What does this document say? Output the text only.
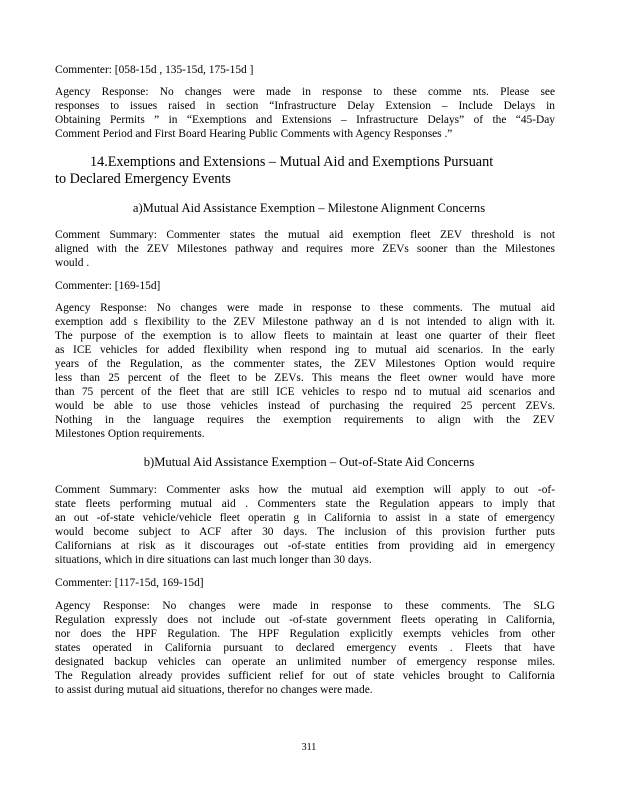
Commenter: [058-15d , 135-15d, 175-15d ]
Agency Response: No changes were made in response to these comme nts. Please see
responses to issues raised in section “Infrastructure Delay Extension – Include Delays in
Obtaining Permits ” in “Exemptions and Extensions – Infrastructure Delays” of the “45-Day
Comment Period and First Board Hearing Public Comments with Agency Responses .”
14.Exemptions and Extensions – Mutual Aid and Exemptions Pursuant
to Declared Emergency Events
a)Mutual Aid Assistance Exemption – Milestone Alignment Concerns
Comment Summary: Commenter states the mutual aid exemption fleet ZEV threshold is not
aligned with the ZEV Milestones pathway and requires more ZEVs sooner than the Milestones
would .
Commenter: [169-15d]
Agency Response: No changes were made in response to these comments. The mutual aid
exemption add s flexibility to the ZEV Milestone pathway an d is not intended to align with it.
The purpose of the exemption is to allow fleets to maintain at least one quarter of their fleet
as ICE vehicles for added flexibility when respond ing to mutual aid scenarios. In the early
years of the Regulation, as the commenter states, the ZEV Milestones Option would require
less than 25 percent of the fleet to be ZEVs. This means the fleet owner would have more
than 75 percent of the fleet that are still ICE vehicles to respo nd to mutual aid scenarios and
would be able to use those vehicles instead of purchasing the required 25 percent ZEVs.
Nothing in the language requires the exemption requirements to align with the ZEV
Milestones Option requirements.
b)Mutual Aid Assistance Exemption – Out-of-State Aid Concerns
Comment Summary: Commenter asks how the mutual aid exemption will apply to out -of-
state fleets performing mutual aid . Commenters state the Regulation appears to imply that
an out -of-state vehicle/vehicle fleet operatin g in California to assist in a state of emergency
would become subject to ACF after 30 days. The inclusion of this provision further puts
Californians at risk as it discourages out -of-state entities from providing aid in emergency
situations, which in dire situations can last much longer than 30 days.
Commenter: [117-15d, 169-15d]
Agency Response: No changes were made in response to these comments. The SLG
Regulation expressly does not include out -of-state government fleets operating in California,
nor does the HPF Regulation. The HPF Regulation explicitly exempts vehicles from other
states operated in California pursuant to declared emergency events . Fleets that have
designated backup vehicles can operate an unlimited number of emergency response miles.
The Regulation already provides sufficient relief for out of state vehicles brought to California
to assist during mutual aid situations, therefor no changes were made.
311
